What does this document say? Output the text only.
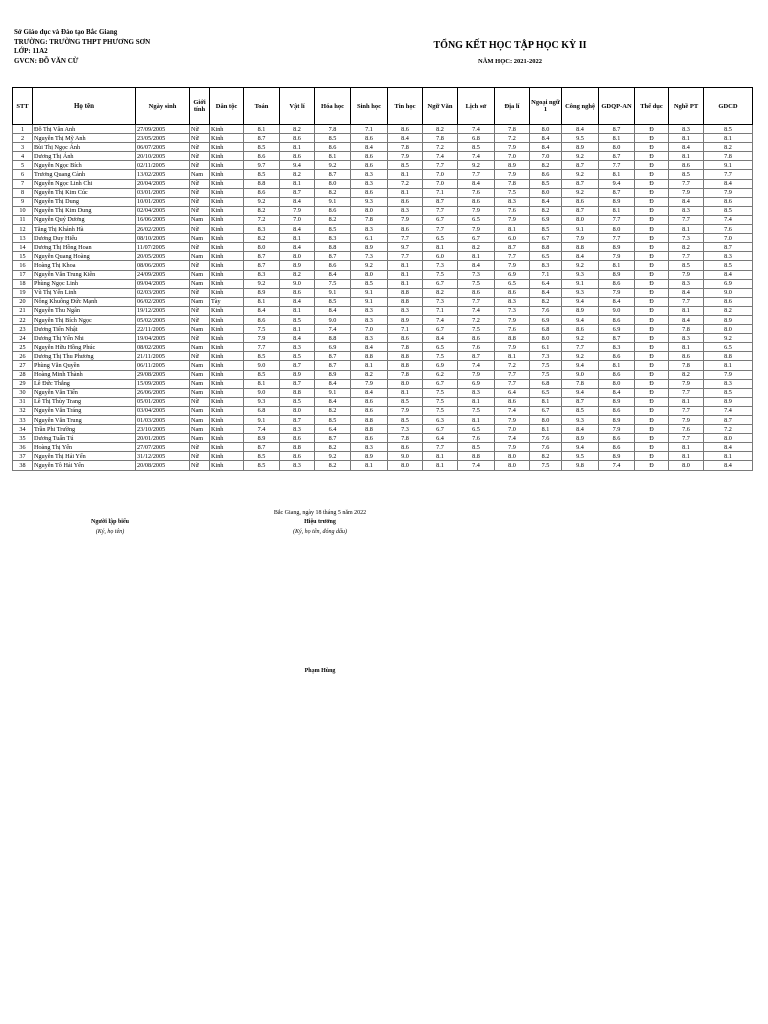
Sở Giáo dục và Đào tạo Bắc Giang
TRƯỜNG: TRƯỜNG THPT PHƯƠNG SƠN
LỚP: 11A2
GVCN: ĐỖ VĂN CỪ
TỔNG KẾT HỌC TẬP HỌC KỲ II
NĂM HỌC: 2021-2022
STT	Họ tên	Ngày sinh	Giới tính	Dân tộc	Toán	Vật lí	Hóa học	Sinh học	Tin học	Ngữ Văn	Lịch sử	Địa lí	Ngoại ngữ 1	Công nghệ	GDQP-AN	Thể dục	Nghề PT	GDCD
1	Đỗ Thị Vân Anh	27/09/2005	Nữ	Kinh	8.1	8.2	7.8	7.1	8.6	8.2	7.4	7.8	8.0	8.4	8.7	Đ	8.3	8.5
2	Nguyễn Thị Mỹ Anh	23/05/2005	Nữ	Kinh	8.7	8.6	8.5	8.6	8.4	7.8	6.8	7.2	8.4	9.5	8.1	Đ	8.1	8.1
3	Bùi Thị Ngọc Ánh	06/07/2005	Nữ	Kinh	8.5	8.1	8.6	8.4	7.8	7.2	8.5	7.9	8.4	8.9	8.0	Đ	8.4	8.2
4	Dương Thị Ánh	20/10/2005	Nữ	Kinh	8.6	8.6	8.1	8.6	7.9	7.4	7.4	7.0	7.0	9.2	8.7	Đ	8.1	7.8
5	Nguyễn Ngọc Bích	02/11/2005	Nữ	Kinh	9.7	9.4	9.2	8.6	8.5	7.7	9.2	8.9	8.2	8.7	7.7	Đ	8.6	9.1
6	Trương Quang Cảnh	13/02/2005	Nam	Kinh	8.5	8.2	8.7	8.3	8.1	7.0	7.7	7.9	8.6	9.2	8.1	Đ	8.5	7.7
7	Nguyễn Ngọc Linh Chi	20/04/2005	Nữ	Kinh	8.8	8.1	8.0	8.3	7.2	7.0	8.4	7.8	8.5	8.7	9.4	Đ	7.7	8.4
8	Nguyễn Thị Kim Cúc	03/01/2005	Nữ	Kinh	8.6	8.7	8.2	8.6	8.1	7.1	7.6	7.5	8.0	9.2	8.7	Đ	7.9	7.9
9	Nguyễn Thị Dung	10/01/2005	Nữ	Kinh	9.2	8.4	9.1	9.3	8.6	8.7	8.6	8.3	8.4	8.6	8.9	Đ	8.4	8.6
10	Nguyễn Thị Kim Dung	02/04/2005	Nữ	Kinh	8.2	7.9	8.6	8.0	8.3	7.7	7.9	7.6	8.2	8.7	8.1	Đ	8.3	8.5
11	Nguyễn Quý Dương	16/06/2005	Nam	Kinh	7.2	7.0	8.2	7.8	7.9	6.7	6.5	7.9	6.9	8.0	7.7	Đ	7.7	7.4
12	Tăng Thị Khánh Hà	26/02/2005	Nữ	Kinh	8.3	8.4	8.5	8.3	8.6	7.7	7.9	8.1	8.5	9.1	8.0	Đ	8.1	7.6
13	Dương Duy Hiếu	08/10/2005	Nam	Kinh	8.2	8.1	8.3	6.1	7.7	6.5	6.7	6.0	6.7	7.9	7.7	Đ	7.3	7.0
14	Dương Thị Hồng Hoan	11/07/2005	Nữ	Kinh	8.0	8.4	8.8	8.9	9.7	8.1	8.2	8.7	8.8	8.8	8.9	Đ	8.2	8.7
15	Nguyễn Quang Hoàng	20/05/2005	Nam	Kinh	8.7	8.0	8.7	7.3	7.7	6.0	8.1	7.7	6.5	8.4	7.9	Đ	7.7	8.3
16	Hoàng Thị Khoa	08/06/2005	Nữ	Kinh	8.7	8.9	8.6	9.2	8.1	7.3	8.4	7.9	8.3	9.2	8.1	Đ	8.5	8.5
17	Nguyễn Văn Trung Kiên	24/09/2005	Nam	Kinh	8.3	8.2	8.4	8.0	8.1	7.5	7.3	6.9	7.1	9.3	8.9	Đ	7.9	8.4
18	Phùng Ngọc Linh	09/04/2005	Nam	Kinh	9.2	9.0	7.5	8.5	8.1	6.7	7.5	6.5	6.4	9.1	8.6	Đ	8.3	6.9
19	Vũ Thị Yến Linh	02/03/2005	Nữ	Kinh	8.9	8.6	9.1	9.1	8.8	8.2	8.6	8.6	8.4	9.3	7.9	Đ	8.4	9.0
20	Nông Khuông Đức Mạnh	06/02/2005	Nam	Tày	8.1	8.4	8.5	9.1	8.8	7.3	7.7	8.3	8.2	9.4	8.4	Đ	7.7	8.6
21	Nguyễn Thu Ngân	19/12/2005	Nữ	Kinh	8.4	8.1	8.4	8.3	8.3	7.1	7.4	7.3	7.6	8.9	9.0	Đ	8.1	8.2
22	Nguyễn Thị Bích Ngọc	05/02/2005	Nữ	Kinh	8.6	8.5	9.0	8.3	8.9	7.4	7.2	7.9	6.9	9.4	8.6	Đ	8.4	8.9
23	Dương Tiến Nhật	22/11/2005	Nam	Kinh	7.5	8.1	7.4	7.0	7.1	6.7	7.5	7.6	6.8	8.6	6.9	Đ	7.8	8.0
24	Dương Thị Yến Nhi	19/04/2005	Nữ	Kinh	7.9	8.4	8.8	8.3	8.6	8.4	8.6	8.8	8.0	9.2	8.7	Đ	8.3	9.2
25	Nguyễn Hữu Hồng Phúc	08/02/2005	Nam	Kinh	7.7	8.3	6.9	8.4	7.8	6.5	7.6	7.9	6.1	7.7	8.3	Đ	8.1	6.5
26	Dương Thị Thu Phương	21/11/2005	Nữ	Kinh	8.5	8.5	8.7	8.8	8.8	7.5	8.7	8.1	7.3	9.2	8.6	Đ	8.6	8.8
27	Phùng Văn Quyền	06/11/2005	Nam	Kinh	9.0	8.7	8.7	8.1	8.8	6.9	7.4	7.2	7.5	9.4	8.1	Đ	7.8	8.1
28	Hoàng Minh Thành	29/08/2005	Nam	Kinh	8.5	8.9	8.9	8.2	7.8	6.2	7.9	7.7	7.5	9.0	8.6	Đ	8.2	7.9
29	Lê Đức Thắng	15/09/2005	Nam	Kinh	8.1	8.7	8.4	7.9	8.0	6.7	6.9	7.7	6.8	7.8	8.0	Đ	7.9	8.3
30	Nguyễn Văn Tiến	26/06/2005	Nam	Kinh	9.0	8.8	9.1	8.4	8.1	7.5	8.3	6.4	6.5	9.4	8.4	Đ	7.7	8.5
31	Lê Thị Thùy Trang	05/01/2005	Nữ	Kinh	9.3	8.5	8.4	8.6	8.5	7.5	8.1	8.6	8.1	8.7	8.9	Đ	8.1	8.9
32	Nguyễn Văn Tráng	03/04/2005	Nam	Kinh	6.8	8.0	8.2	8.6	7.9	7.5	7.5	7.4	6.7	8.5	8.6	Đ	7.7	7.4
33	Nguyễn Văn Trung	01/03/2005	Nam	Kinh	9.1	8.7	8.5	8.8	8.5	6.3	8.1	7.9	8.0	9.3	8.9	Đ	7.9	8.7
34	Trần Phi Trường	23/10/2005	Nam	Kinh	7.4	8.3	6.4	8.8	7.3	6.7	6.5	7.0	8.1	8.4	7.9	Đ	7.6	7.2
35	Dương Tuấn Tú	20/01/2005	Nam	Kinh	8.9	8.6	8.7	8.6	7.8	6.4	7.6	7.4	7.6	8.9	8.6	Đ	7.7	8.0
36	Hoàng Thị Yến	27/07/2005	Nữ	Kinh	8.7	8.8	8.2	8.3	8.6	7.7	8.5	7.9	7.6	9.4	8.6	Đ	8.1	8.4
37	Nguyễn Thị Hải Yến	31/12/2005	Nữ	Kinh	8.5	8.6	9.2	8.9	9.0	8.1	8.8	8.0	8.2	9.5	8.9	Đ	8.1	8.1
38	Nguyễn Tô Hải Yến	20/08/2005	Nữ	Kinh	8.5	8.3	8.2	8.1	8.0	8.1	7.4	8.0	7.5	9.8	7.4	Đ	8.0	8.4
Bắc Giang, ngày 18 tháng 5 năm 2022
Người lập biểu
(Ký, họ tên)
Hiệu trưởng
(Ký, họ tên, đóng dấu)
Phạm Hùng
